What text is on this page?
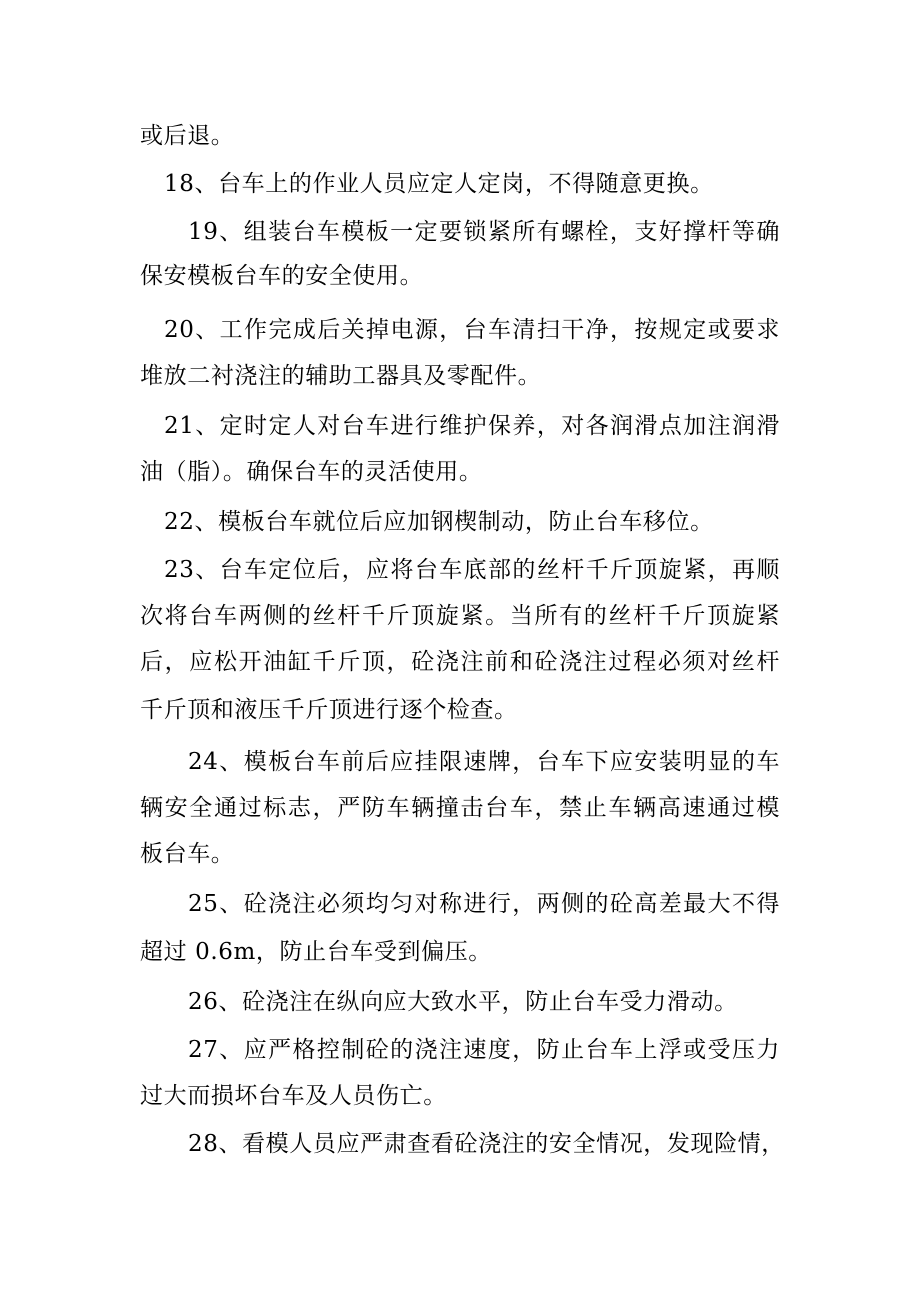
或后退。
18、台车上的作业人员应定人定岗，不得随意更换。
19、组装台车模板一定要锁紧所有螺栓，支好撑杆等确
保安模板台车的安全使用。
20、工作完成后关掉电源，台车清扫干净，按规定或要求
堆放二衬浇注的辅助工器具及零配件。
21、定时定人对台车进行维护保养，对各润滑点加注润滑
油（脂）。确保台车的灵活使用。
22、模板台车就位后应加钢楔制动，防止台车移位。
23、台车定位后，应将台车底部的丝杆千斤顶旋紧，再顺
次将台车两侧的丝杆千斤顶旋紧。当所有的丝杆千斤顶旋紧
后，应松开油缸千斤顶，砼浇注前和砼浇注过程必须对丝杆
千斤顶和液压千斤顶进行逐个检查。
24、模板台车前后应挂限速牌，台车下应安装明显的车
辆安全通过标志，严防车辆撞击台车，禁止车辆高速通过模
板台车。
25、砼浇注必须均匀对称进行，两侧的砼高差最大不得
超过 0.6m，防止台车受到偏压。
26、砼浇注在纵向应大致水平，防止台车受力滑动。
27、应严格控制砼的浇注速度，防止台车上浮或受压力
过大而损坏台车及人员伤亡。
28、看模人员应严肃查看砼浇注的安全情况，发现险情，
